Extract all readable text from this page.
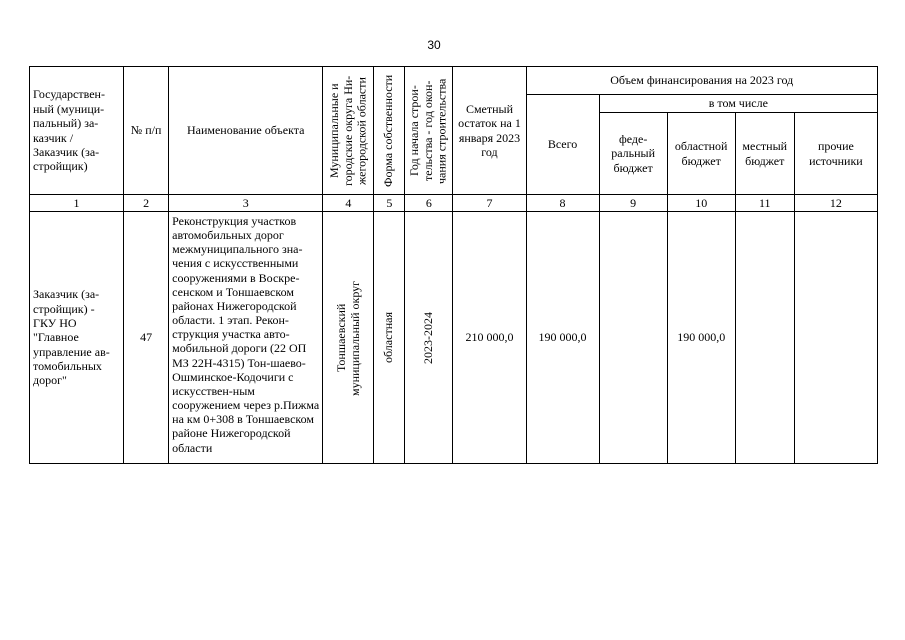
30
Государствен-ный (муници-пальный) за-казчик / Заказчик (за-стройщик)	№ п/п	Наименование объекта	Муниципальные и городские округа Ни-жегородской области	Форма собственности	Год начала строи-тельства - год окон-чания строительства	Сметный остаток на 1 января 2023 год	Объем финансирования на 2023 год				
							Всего	в том числе			
								феде-ральный бюджет	областной бюджет	местный бюджет	прочие источники
1	2	3	4	5	6	7	8	9	10	11	12
Заказчик (за-стройщик) - ГКУ НО "Главное управление ав-томобильных дорог"	47	Реконструкция участков автомобильных дорог межмуниципального зна-чения с искусственными сооружениями в Воскре-сенском и Тоншаевском районах Нижегородской области. 1 этап. Рекон-струкция участка авто-мобильной дороги (22 ОП МЗ 22Н-4315) Тон-шаево-Ошминское-Кодочиги с искусствен-ным сооружением через р.Пижма на км 0+308 в Тоншаевском районе Нижегородской области	Тоншаевский муниципальный округ	областная	2023-2024	210 000,0	190 000,0		190 000,0		
